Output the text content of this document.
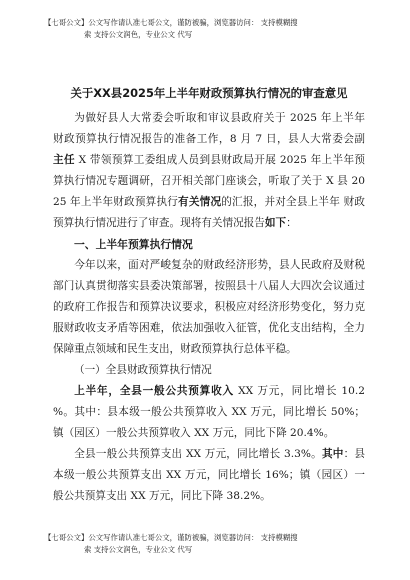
【七哥公文】公文写作请认准七哥公文，谨防被骗，浏览器访问： 支持模糊搜
索 支持公文润色，专业公文 代写
关于XX县2025年上半年财政预算执行情况的审查意见

为做好县人大常委会听取和审议县政府关于 2025 年上半年 财政预算执行情况报告的准备工作，8 月 7 日，县人大常委会副 主任 X 带领预算工委组成人员到县财政局开展 2025 年上半年预 算执行情况专题调研，召开相关部门座谈会，听取了关于 X 县 2025 年上半年财政预算执行有关情况的汇报，并对全县上半年 财政预算执行情况进行了审查。现将有关情况报告如下：

一、上半年预算执行情况

今年以来，面对严峻复杂的财政经济形势，县人民政府及财税部门认真贯彻落实县委决策部署，按照县十八届人大四次会议通过的政府工作报告和预算决议要求，积极应对经济形势变化，努力克服财政收支矛盾等困难，依法加强收入征管，优化支出结构，全力保障重点领域和民生支出，财政预算执行总体平稳。

（一）全县财政预算执行情况

上半年，全县一般公共预算收入 XX 万元，同比增长 10.2 %。其中：县本级一般公共预算收入 XX 万元，同比增长 50%；镇（园区）一般公共预算收入 XX 万元，同比下降 20.4%。

全县一般公共预算支出 XX 万元，同比增长 3.3%。其中：县本级一般公共预算支出 XX 万元，同比增长 16%；镇（园区）一般公共预算支出 XX 万元，同比下降 38.2%。

【七哥公文】公文写作请认准七哥公文，谨防被骗，浏览器访问： 支持模糊搜
索 支持公文润色，专业公文 代写
